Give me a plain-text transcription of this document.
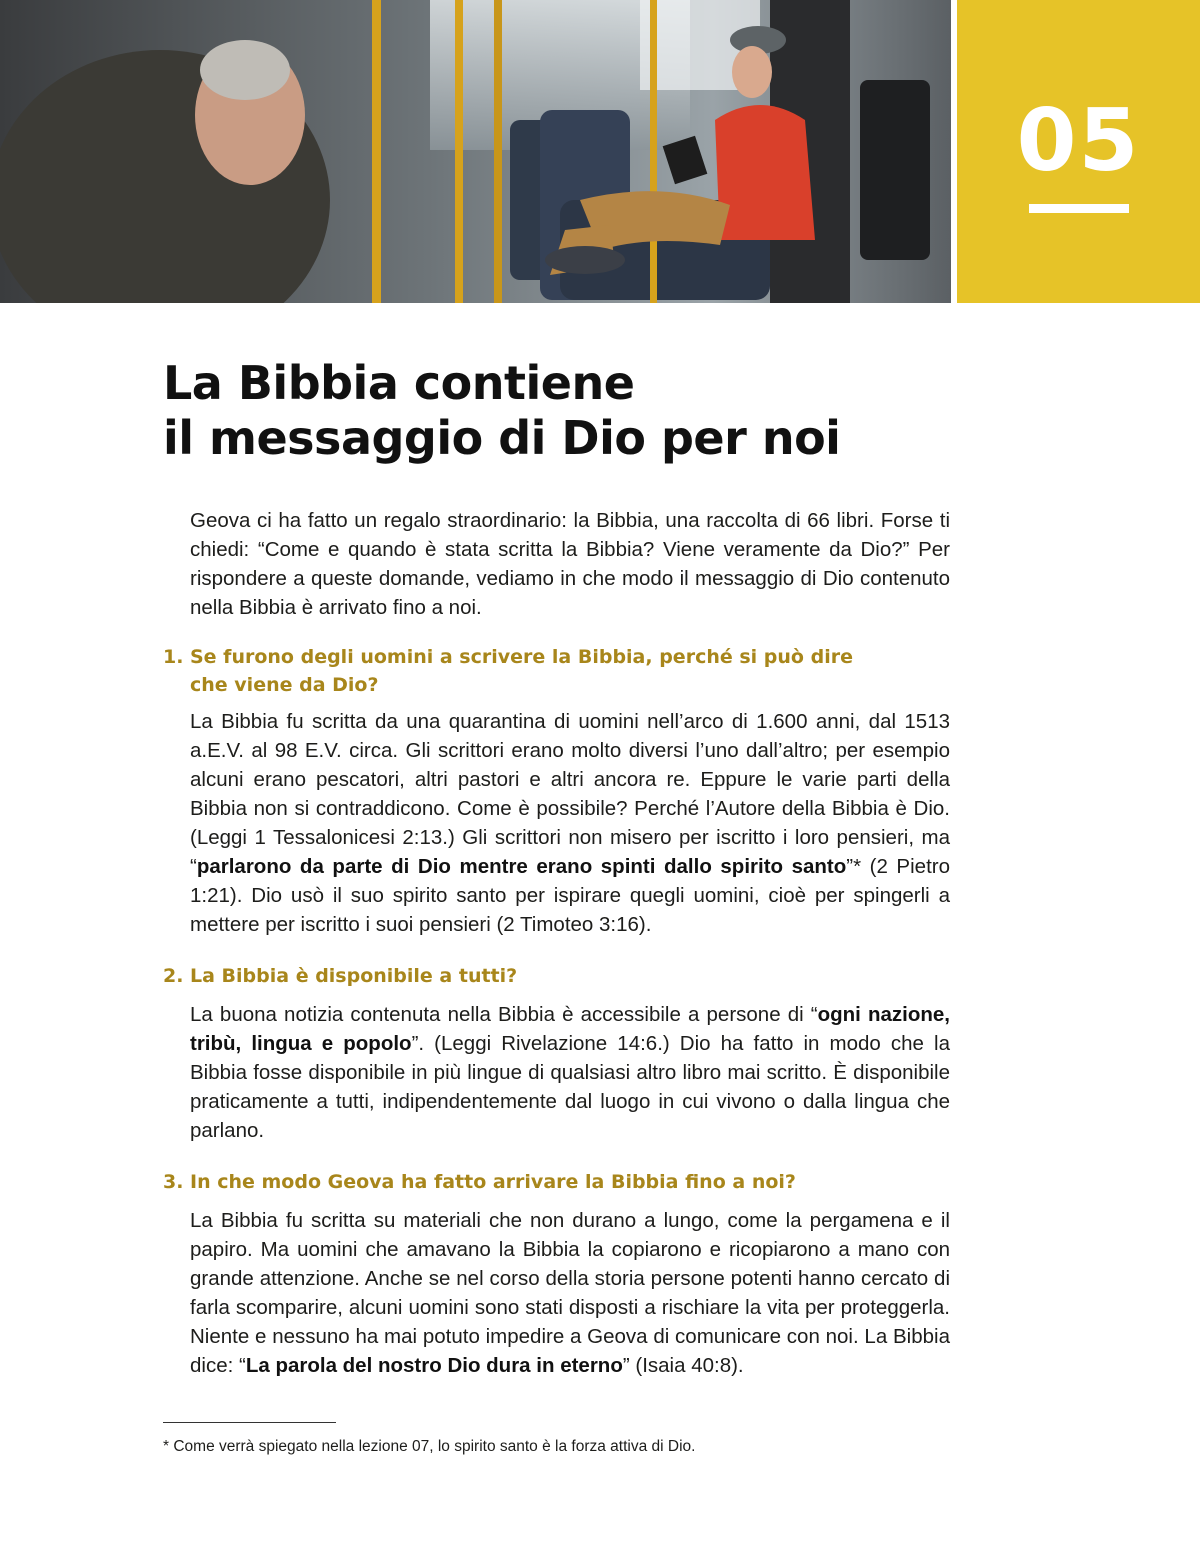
05
La Bibbia contiene
il messaggio di Dio per noi

Geova ci ha fatto un regalo straordinario: la Bibbia, una raccolta di 66 libri. Forse ti chiedi: “Come e quando è stata scritta la Bibbia? Viene veramente da Dio?” Per rispondere a queste domande, vediamo in che modo il messaggio di Dio contenuto nella Bibbia è arrivato fino a noi.

1. Se furono degli uomini a scrivere la Bibbia, perché si può dire
che viene da Dio?

La Bibbia fu scritta da una quarantina di uomini nell’arco di 1.600 anni, dal 1513 a.E.V. al 98 E.V. circa. Gli scrittori erano molto diversi l’uno dall’altro; per esempio alcuni erano pescatori, altri pastori e altri ancora re. Eppure le varie parti della Bibbia non si contraddicono. Come è possibile? Perché l’Autore della Bibbia è Dio. (Leggi 1 Tessalonicesi 2:13.) Gli scrittori non misero per iscritto i loro pensieri, ma “parlarono da parte di Dio mentre erano spinti dallo spirito santo”* (2 Pietro 1:21). Dio usò il suo spirito santo per ispirare quegli uomini, cioè per spingerli a mettere per iscritto i suoi pensieri (2 Timoteo 3:16).

2. La Bibbia è disponibile a tutti?

La buona notizia contenuta nella Bibbia è accessibile a persone di “ogni nazione, tribù, lingua e popolo”. (Leggi Rivelazione 14:6.) Dio ha fatto in modo che la Bibbia fosse disponibile in più lingue di qualsiasi altro libro mai scritto. È disponibile praticamente a tutti, indipendentemente dal luogo in cui vivono o dalla lingua che parlano.

3. In che modo Geova ha fatto arrivare la Bibbia fino a noi?

La Bibbia fu scritta su materiali che non durano a lungo, come la pergamena e il papiro. Ma uomini che amavano la Bibbia la copiarono e ricopiarono a mano con grande attenzione. Anche se nel corso della storia persone potenti hanno cercato di farla scomparire, alcuni uomini sono stati disposti a rischiare la vita per proteggerla. Niente e nessuno ha mai potuto impedire a Geova di comunicare con noi. La Bibbia dice: “La parola del nostro Dio dura in eterno” (Isaia 40:8).

* Come verrà spiegato nella lezione 07, lo spirito santo è la forza attiva di Dio.
